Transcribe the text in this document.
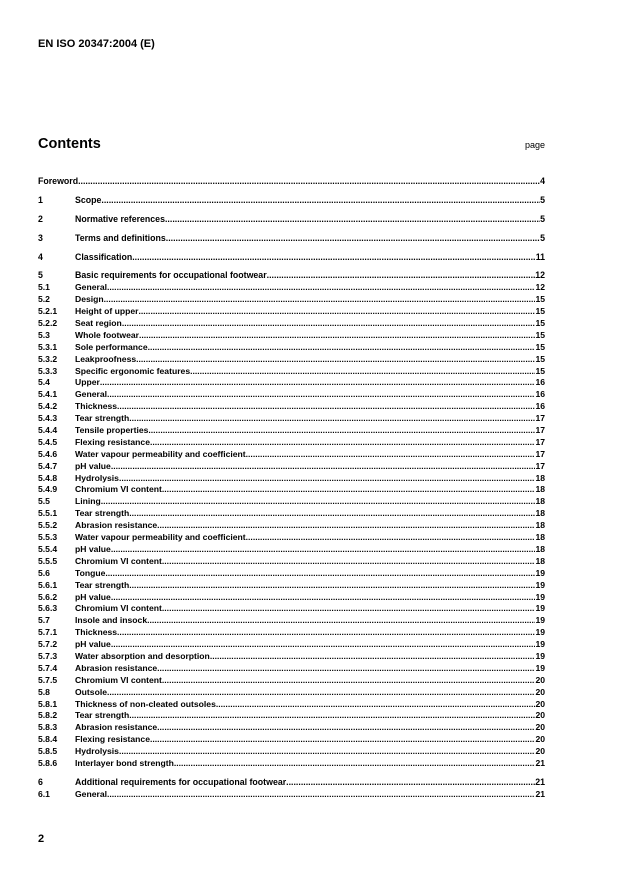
EN ISO 20347:2004 (E)
Contents	page
Foreword .....	4
1	Scope .....	5
2	Normative references .....	5
3	Terms and definitions .....	5
4	Classification .....	11
5	Basic requirements for occupational footwear .....	12
5.1	General .....	12
5.2	Design .....	15
5.2.1 Height of upper .....	15
5.2.2 Seat region .....	15
5.3	Whole footwear .....	15
5.3.1 Sole performance .....	15
5.3.2 Leakproofness .....	15
5.3.3 Specific ergonomic features .....	15
5.4	Upper .....	16
5.4.1 General .....	16
5.4.2 Thickness .....	16
5.4.3 Tear strength .....	17
5.4.4 Tensile properties .....	17
5.4.5 Flexing resistance .....	17
5.4.6 Water vapour permeability and coefficient .....	17
5.4.7 pH value .....	17
5.4.8 Hydrolysis .....	18
5.4.9 Chromium VI content .....	18
5.5	Lining .....	18
5.5.1 Tear strength .....	18
5.5.2 Abrasion resistance .....	18
5.5.3 Water vapour permeability and coefficient .....	18
5.5.4 pH value .....	18
5.5.5 Chromium VI content .....	18
5.6	Tongue .....	19
5.6.1 Tear strength .....	19
5.6.2 pH value .....	19
5.6.3 Chromium VI content .....	19
5.7	Insole and insock .....	19
5.7.1 Thickness .....	19
5.7.2 pH value .....	19
5.7.3 Water absorption and desorption .....	19
5.7.4 Abrasion resistance .....	19
5.7.5 Chromium VI content .....	20
5.8	Outsole .....	20
5.8.1 Thickness of non-cleated outsoles .....	20
5.8.2 Tear strength .....	20
5.8.3 Abrasion resistance .....	20
5.8.4 Flexing resistance .....	20
5.8.5 Hydrolysis .....	20
5.8.6 Interlayer bond strength .....	21
6	Additional requirements for occupational footwear .....	21
6.1	General .....	21
2
